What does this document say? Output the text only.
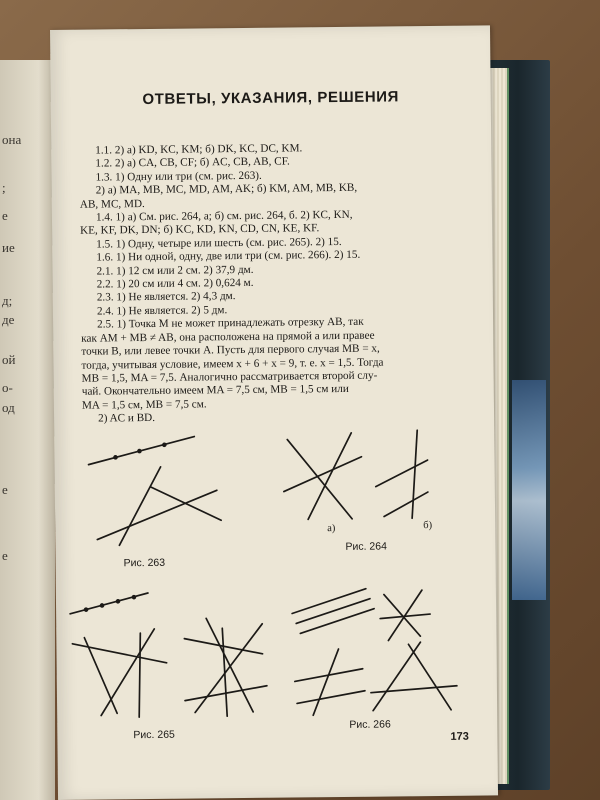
она
;
е
ие
д;
де
ой
о-
од
е
е
ОТВЕТЫ, УКАЗАНИЯ, РЕШЕНИЯ
1.1. 2) а) KD, KC, KM; б) DK, KC, DC, KM.
1.2. 2) а) CA, CB, CF; б) AC, CB, AB, CF.
1.3. 1) Одну или три (см. рис. 263).
2) а) MA, MB, MC, MD, AM, AK; б) KM, AM, MB, KB,
AB, MC, MD.
1.4. 1) а) См. рис. 264, а; б) см. рис. 264, б. 2) KC, KN,
KE, KF, DK, DN; б) KC, KD, KN, CD, CN, KE, KF.
1.5. 1) Одну, четыре или шесть (см. рис. 265). 2) 15.
1.6. 1) Ни одной, одну, две или три (см. рис. 266). 2) 15.
2.1. 1) 12 см или 2 см. 2) 37,9 дм.
2.2. 1) 20 см или 4 см. 2) 0,624 м.
2.3. 1) Не является. 2) 4,3 дм.
2.4. 1) Не является. 2) 5 дм.
2.5. 1) Точка M не может принадлежать отрезку AB, так
как AM + MB ≠ AB, она расположена на прямой a или правее
точки B, или левее точки A. Пусть для первого случая MB = x,
тогда, учитывая условие, имеем x + 6 + x = 9, т. е. x = 1,5. Тогда
MB = 1,5, MA = 7,5. Аналогично рассматривается второй слу-
чай. Окончательно имеем MA = 7,5 см, MB = 1,5 см или
MA = 1,5 см, MB = 7,5 см.
2) AC и BD.
Рис. 263
а)	б)
Рис. 264
Рис. 265
Рис. 266
173
